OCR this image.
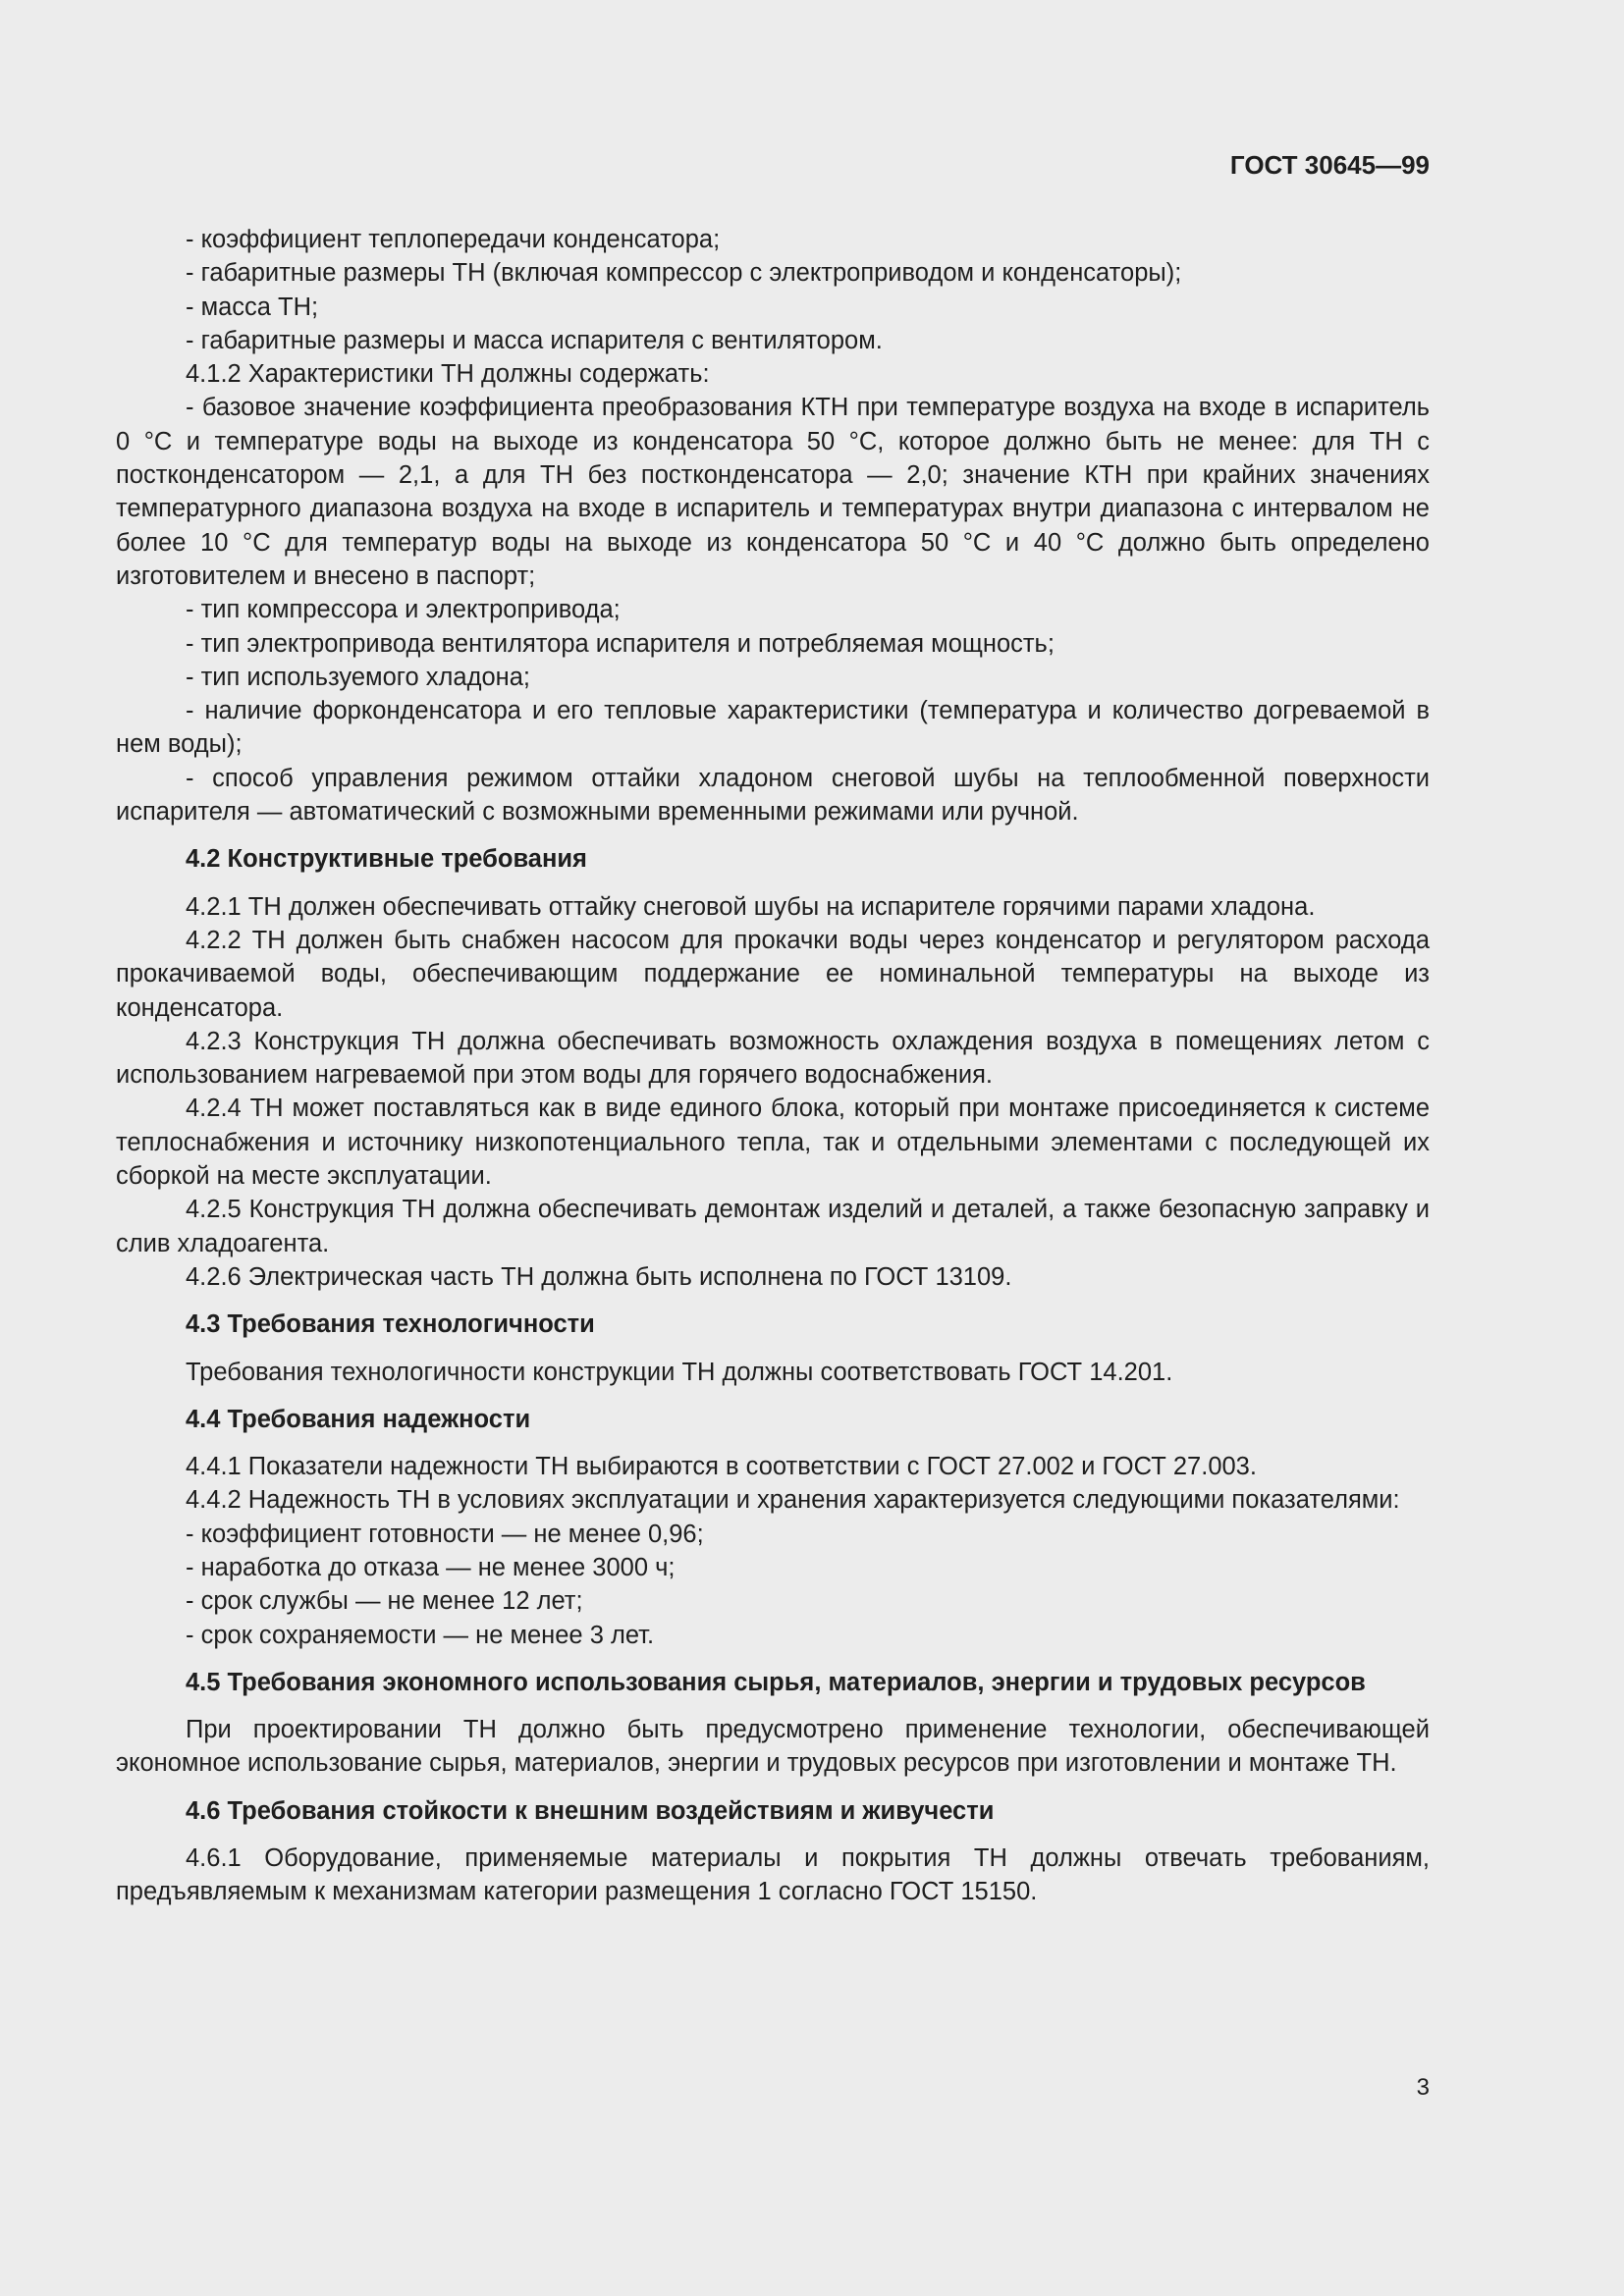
ГОСТ 30645—99

- коэффициент теплопередачи конденсатора;

- габаритные размеры ТН (включая компрессор с электроприводом и конденсаторы);

- масса ТН;

- габаритные размеры и масса испарителя с вентилятором.

4.1.2 Характеристики ТН должны содержать:

- базовое значение коэффициента преобразования КТН при температуре воздуха на входе в испаритель 0 °С и температуре воды на выходе из конденсатора 50 °С, которое должно быть не менее: для ТН с постконденсатором — 2,1, а для ТН без постконденсатора — 2,0; значение КТН при крайних значениях температурного диапазона воздуха на входе в испаритель и температурах внутри диапазона с интервалом не более 10 °С для температур воды на выходе из конденсатора 50 °С и 40 °С должно быть определено изготовителем и внесено в паспорт;

- тип компрессора и электропривода;

- тип электропривода вентилятора испарителя и потребляемая мощность;

- тип используемого хладона;

- наличие форконденсатора и его тепловые характеристики (температура и количество догреваемой в нем воды);

- способ управления режимом оттайки хладоном снеговой шубы на теплообменной поверхности испарителя — автоматический с возможными временными режимами или ручной.

4.2 Конструктивные требования

4.2.1 ТН должен обеспечивать оттайку снеговой шубы на испарителе горячими парами хладона.

4.2.2 ТН должен быть снабжен насосом для прокачки воды через конденсатор и регулятором расхода прокачиваемой воды, обеспечивающим поддержание ее номинальной температуры на выходе из конденсатора.

4.2.3 Конструкция ТН должна обеспечивать возможность охлаждения воздуха в помещениях летом с использованием нагреваемой при этом воды для горячего водоснабжения.

4.2.4 ТН может поставляться как в виде единого блока, который при монтаже присоединяется к системе теплоснабжения и источнику низкопотенциального тепла, так и отдельными элементами с последующей их сборкой на месте эксплуатации.

4.2.5 Конструкция ТН должна обеспечивать демонтаж изделий и деталей, а также безопасную заправку и слив хладоагента.

4.2.6 Электрическая часть ТН должна быть исполнена по ГОСТ 13109.

4.3 Требования технологичности

Требования технологичности конструкции ТН должны соответствовать ГОСТ 14.201.

4.4 Требования надежности

4.4.1 Показатели надежности ТН выбираются в соответствии с ГОСТ 27.002 и ГОСТ 27.003.

4.4.2 Надежность ТН в условиях эксплуатации и хранения характеризуется следующими показателями:

- коэффициент готовности — не менее 0,96;

- наработка до отказа — не менее 3000 ч;

- срок службы — не менее 12 лет;

- срок сохраняемости — не менее 3 лет.

4.5 Требования экономного использования сырья, материалов, энергии и трудовых ресурсов

При проектировании ТН должно быть предусмотрено применение технологии, обеспечивающей экономное использование сырья, материалов, энергии и трудовых ресурсов при изготовлении и монтаже ТН.

4.6 Требования стойкости к внешним воздействиям и живучести

4.6.1 Оборудование, применяемые материалы и покрытия ТН должны отвечать требованиям, предъявляемым к механизмам категории размещения 1 согласно ГОСТ 15150.

3
